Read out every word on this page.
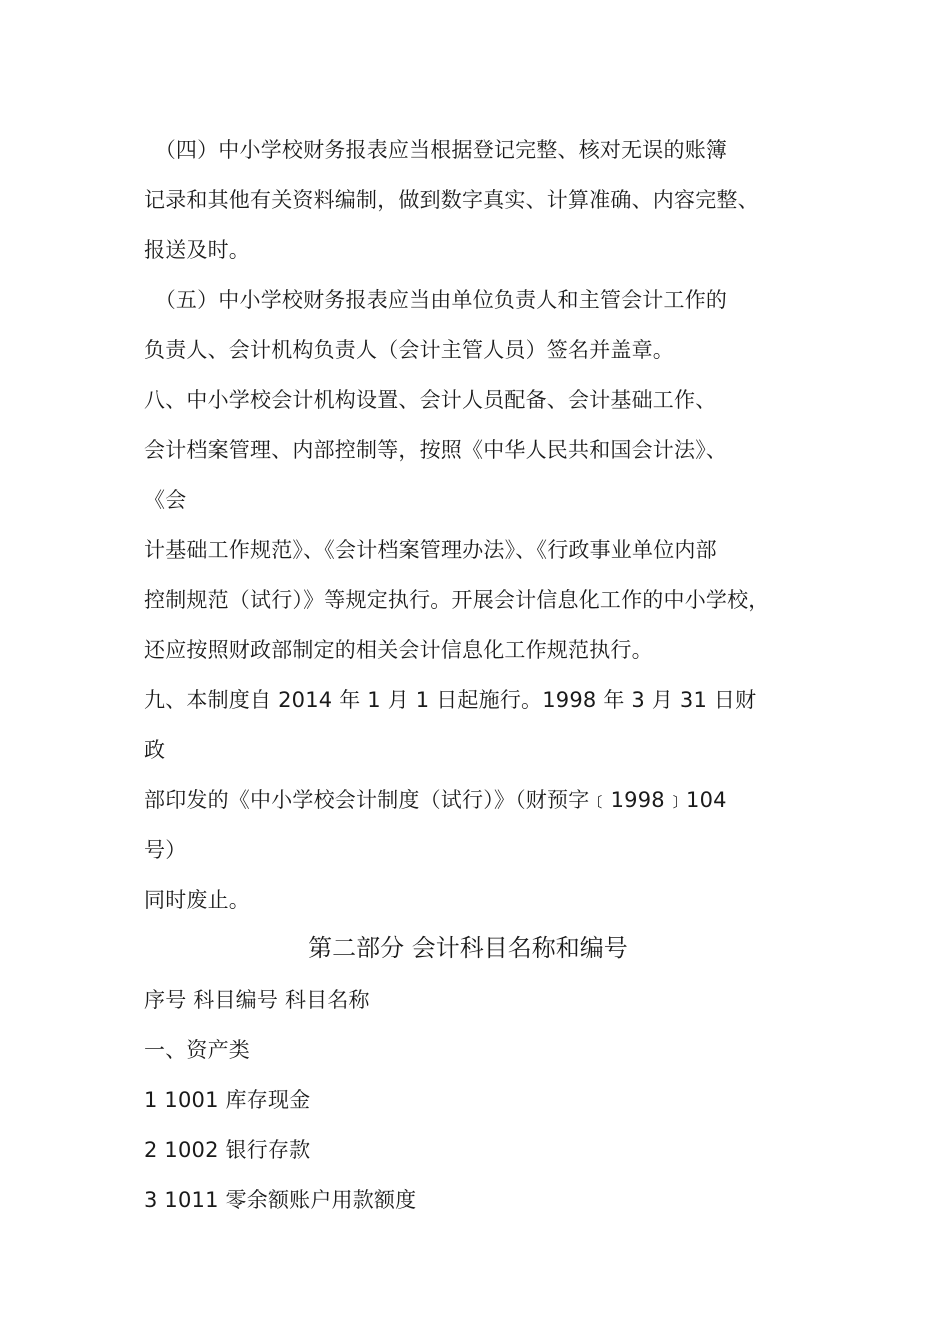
　（四）中小学校财务报表应当根据登记完整、核对无误的账簿
记录和其他有关资料编制，做到数字真实、计算准确、内容完整、
报送及时。
　（五）中小学校财务报表应当由单位负责人和主管会计工作的
负责人、会计机构负责人（会计主管人员）签名并盖章。
八、中小学校会计机构设置、会计人员配备、会计基础工作、
会计档案管理、内部控制等，按照《中华人民共和国会计法》、
《会
计基础工作规范》、《会计档案管理办法》、《行政事业单位内部
控制规范（试行）》等规定执行。开展会计信息化工作的中小学校，
还应按照财政部制定的相关会计信息化工作规范执行。
九、本制度自 2014 年 1 月 1 日起施行。1998 年 3 月 31 日财
政
部印发的《中小学校会计制度（试行）》（财预字﹝1998﹞104
号）
同时废止。
第二部分 会计科目名称和编号
序号 科目编号 科目名称
一、资产类
1 1001 库存现金
2 1002 银行存款
3 1011 零余额账户用款额度
